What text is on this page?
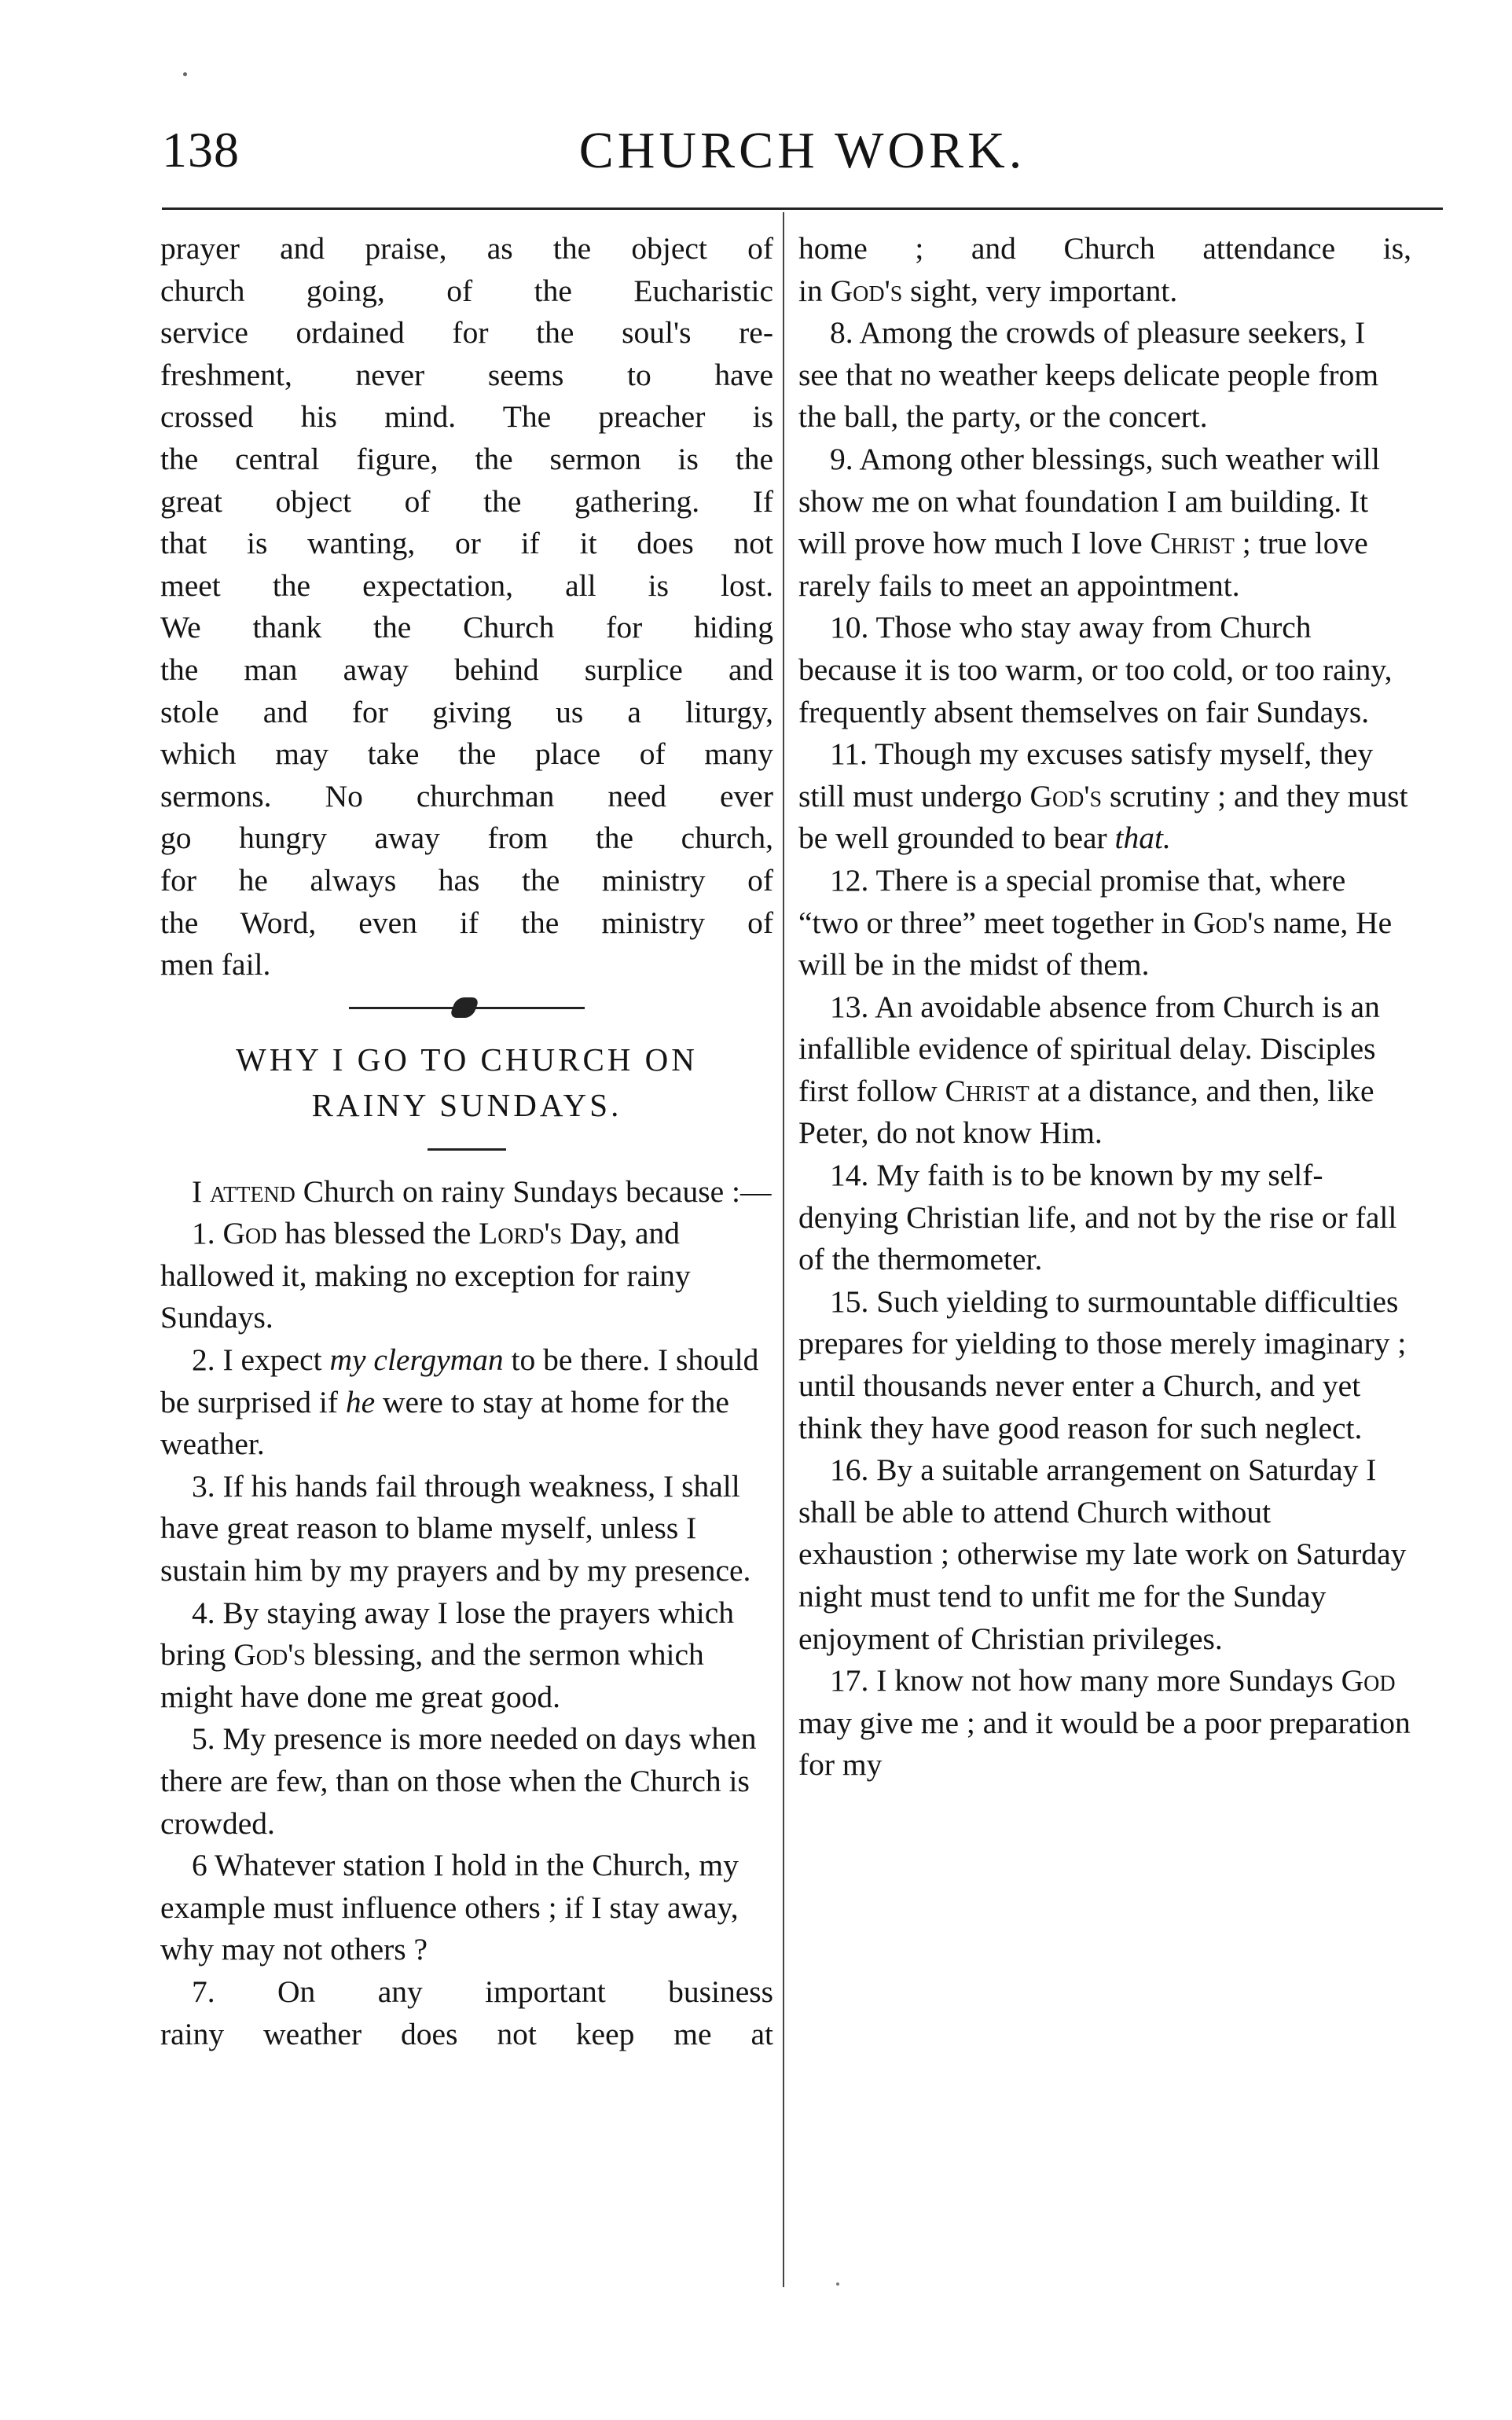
138	CHURCH WORK.

prayer and praise, as the object of

church going, of the Eucharistic

service ordained for the soul's re-

freshment, never seems to have

crossed his mind. The preacher is

the central figure, the sermon is the

great object of the gathering. If

that is wanting, or if it does not

meet the expectation, all is lost.

We thank the Church for hiding

the man away behind surplice and

stole and for giving us a liturgy,

which may take the place of many

sermons. No churchman need ever

go hungry away from the church,

for he always has the ministry of

the Word, even if the ministry of

men fail.

WHY I GO TO CHURCH ON

RAINY SUNDAYS.

I attend Church on rainy Sundays because :—

1. God has blessed the Lord's Day, and hallowed it, making no exception for rainy Sundays.

2. I expect my clergyman to be there. I should be surprised if he were to stay at home for the weather.

3. If his hands fail through weakness, I shall have great reason to blame myself, unless I sustain him by my prayers and by my presence.

4. By staying away I lose the prayers which bring God's blessing, and the sermon which might have done me great good.

5. My presence is more needed on days when there are few, than on those when the Church is crowded.

6 Whatever station I hold in the Church, my example must influence others ; if I stay away, why may not others ?

7. On any important business

rainy weather does not keep me at

home ; and Church attendance is,

in God's sight, very important.

8. Among the crowds of pleasure seekers, I see that no weather keeps delicate people from the ball, the party, or the concert.

9. Among other blessings, such weather will show me on what foundation I am building. It will prove how much I love Christ ; true love rarely fails to meet an appointment.

10. Those who stay away from Church because it is too warm, or too cold, or too rainy, frequently absent themselves on fair Sundays.

11. Though my excuses satisfy myself, they still must undergo God's scrutiny ; and they must be well grounded to bear that.

12. There is a special promise that, where “two or three” meet together in God's name, He will be in the midst of them.

13. An avoidable absence from Church is an infallible evidence of spiritual delay. Disciples first follow Christ at a distance, and then, like Peter, do not know Him.

14. My faith is to be known by my self-denying Christian life, and not by the rise or fall of the thermometer.

15. Such yielding to surmountable difficulties prepares for yielding to those merely imaginary ; until thousands never enter a Church, and yet think they have good reason for such neglect.

16. By a suitable arrangement on Saturday I shall be able to attend Church without exhaustion ; otherwise my late work on Saturday night must tend to unfit me for the Sunday enjoyment of Christian privileges.

17. I know not how many more Sundays God may give me ; and it would be a poor preparation for my
